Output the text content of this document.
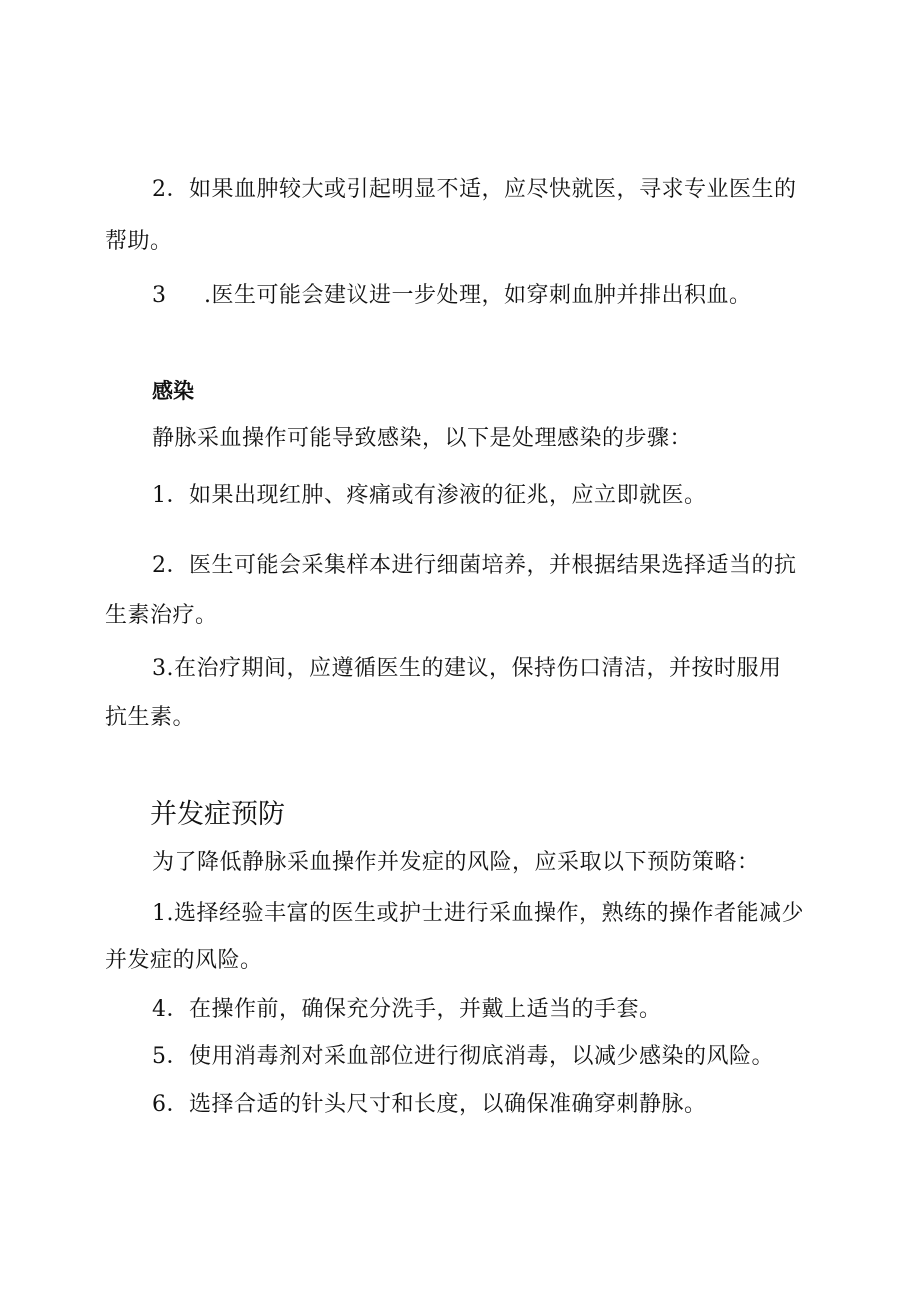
2．如果血肿较大或引起明显不适，应尽快就医，寻求专业医生的
帮助。
3 .医生可能会建议进一步处理，如穿刺血肿并排出积血。
感染
静脉采血操作可能导致感染，以下是处理感染的步骤：
1．如果出现红肿、疼痛或有渗液的征兆，应立即就医。
2．医生可能会采集样本进行细菌培养，并根据结果选择适当的抗
生素治疗。
3.在治疗期间，应遵循医生的建议，保持伤口清洁，并按时服用
抗生素。
并发症预防
为了降低静脉采血操作并发症的风险，应采取以下预防策略：
1.选择经验丰富的医生或护士进行采血操作，熟练的操作者能减少
并发症的风险。
4．在操作前，确保充分洗手，并戴上适当的手套。
5．使用消毒剂对采血部位进行彻底消毒，以减少感染的风险。
6．选择合适的针头尺寸和长度，以确保准确穿刺静脉。
